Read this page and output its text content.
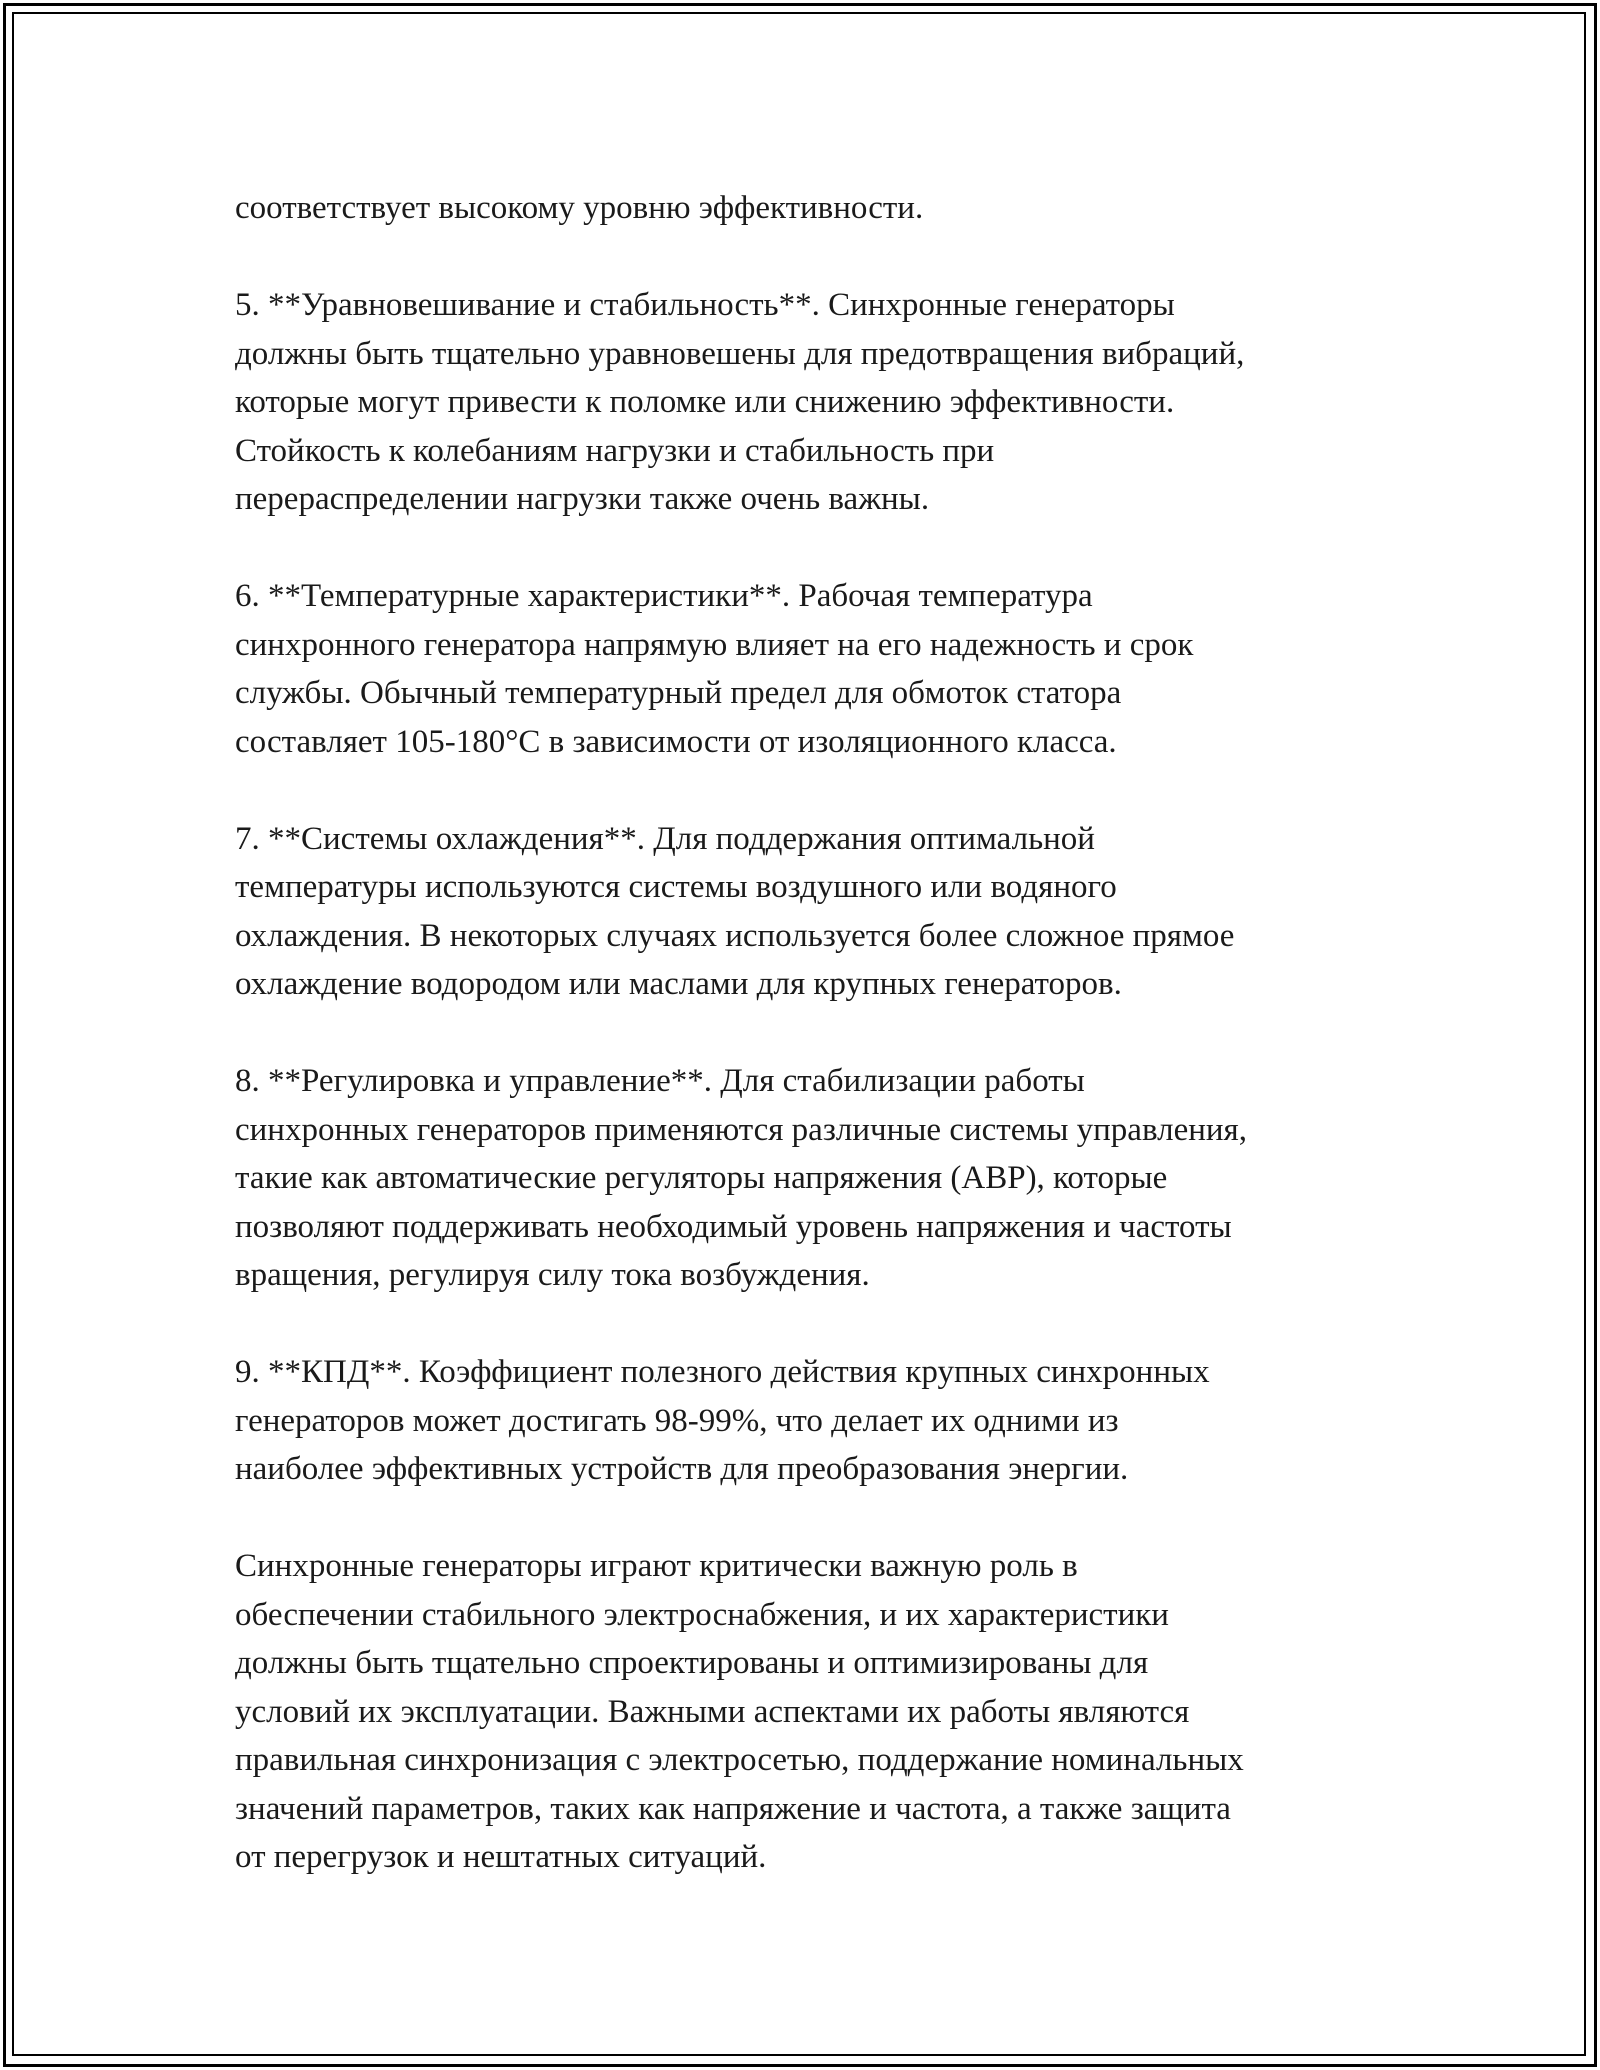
соответствует высокому уровню эффективности.

5. **Уравновешивание и стабильность**. Синхронные генераторы
должны быть тщательно уравновешены для предотвращения вибраций,
которые могут привести к поломке или снижению эффективности.
Стойкость к колебаниям нагрузки и стабильность при
перераспределении нагрузки также очень важны.

6. **Температурные характеристики**. Рабочая температура
синхронного генератора напрямую влияет на его надежность и срок
службы. Обычный температурный предел для обмоток статора
составляет 105-180°C в зависимости от изоляционного класса.

7. **Системы охлаждения**. Для поддержания оптимальной
температуры используются системы воздушного или водяного
охлаждения. В некоторых случаях используется более сложное прямое
охлаждение водородом или маслами для крупных генераторов.

8. **Регулировка и управление**. Для стабилизации работы
синхронных генераторов применяются различные системы управления,
такие как автоматические регуляторы напряжения (АВР), которые
позволяют поддерживать необходимый уровень напряжения и частоты
вращения, регулируя силу тока возбуждения.

9. **КПД**. Коэффициент полезного действия крупных синхронных
генераторов может достигать 98-99%, что делает их одними из
наиболее эффективных устройств для преобразования энергии.

Синхронные генераторы играют критически важную роль в
обеспечении стабильного электроснабжения, и их характеристики
должны быть тщательно спроектированы и оптимизированы для
условий их эксплуатации. Важными аспектами их работы являются
правильная синхронизация с электросетью, поддержание номинальных
значений параметров, таких как напряжение и частота, а также защита
от перегрузок и нештатных ситуаций.
